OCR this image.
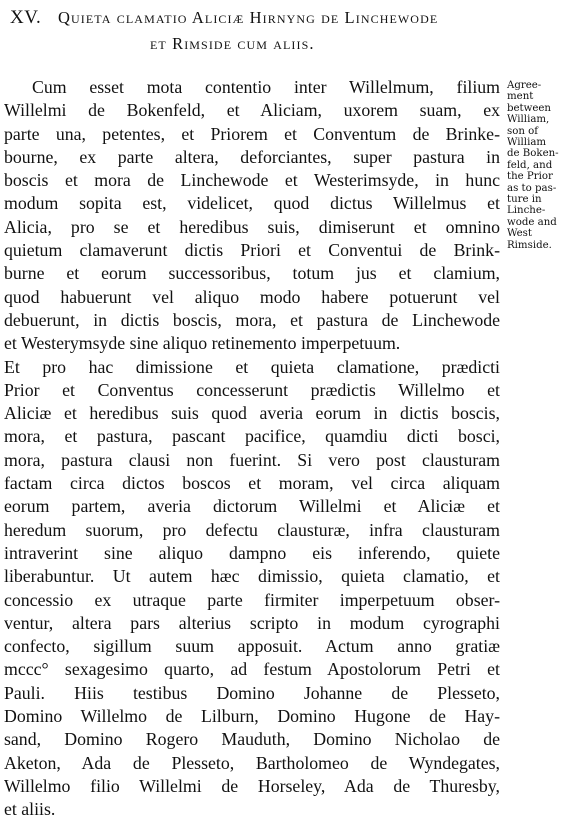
XV. Quieta clamatio Aliciæ Hirnyng de Linchewode
et Rimside cum aliis.
Cum esset mota contentio inter Willelmum, filium
Willelmi de Bokenfeld, et Aliciam, uxorem suam, ex
parte una, petentes, et Priorem et Conventum de Brinke-
bourne, ex parte altera, deforciantes, super pastura in
boscis et mora de Linchewode et Westerimsyde, in hunc
modum sopita est, videlicet, quod dictus Willelmus et
Alicia, pro se et heredibus suis, dimiserunt et omnino
quietum clamaverunt dictis Priori et Conventui de Brink-
burne et eorum successoribus, totum jus et clamium,
quod habuerunt vel aliquo modo habere potuerunt vel
debuerunt, in dictis boscis, mora, et pastura de Linchewode
et Westerymsyde sine aliquo retinemento imperpetuum.
Et pro hac dimissione et quieta clamatione, prædicti
Prior et Conventus concesserunt prædictis Willelmo et
Aliciæ et heredibus suis quod averia eorum in dictis boscis,
mora, et pastura, pascant pacifice, quamdiu dicti bosci,
mora, pastura clausi non fuerint. Si vero post clausturam
factam circa dictos boscos et moram, vel circa aliquam
eorum partem, averia dictorum Willelmi et Aliciæ et
heredum suorum, pro defectu clausturæ, infra clausturam
intraverint sine aliquo dampno eis inferendo, quiete
liberabuntur. Ut autem hæc dimissio, quieta clamatio, et
concessio ex utraque parte firmiter imperpetuum obser-
ventur, altera pars alterius scripto in modum cyrographi
confecto, sigillum suum apposuit. Actum anno gratiæ
mccc° sexagesimo quarto, ad festum Apostolorum Petri et
Pauli. Hiis testibus Domino Johanne de Plesseto,
Domino Willelmo de Lilburn, Domino Hugone de Hay-
sand, Domino Rogero Mauduth, Domino Nicholao de
Aketon, Ada de Plesseto, Bartholomeo de Wyndegates,
Willelmo filio Willelmi de Horseley, Ada de Thuresby,
et aliis.
Agree-
ment
between
William,
son of
William
de Boken-
feld, and
the Prior
as to pas-
ture in
Linche-
wode and
West
Rimside.
